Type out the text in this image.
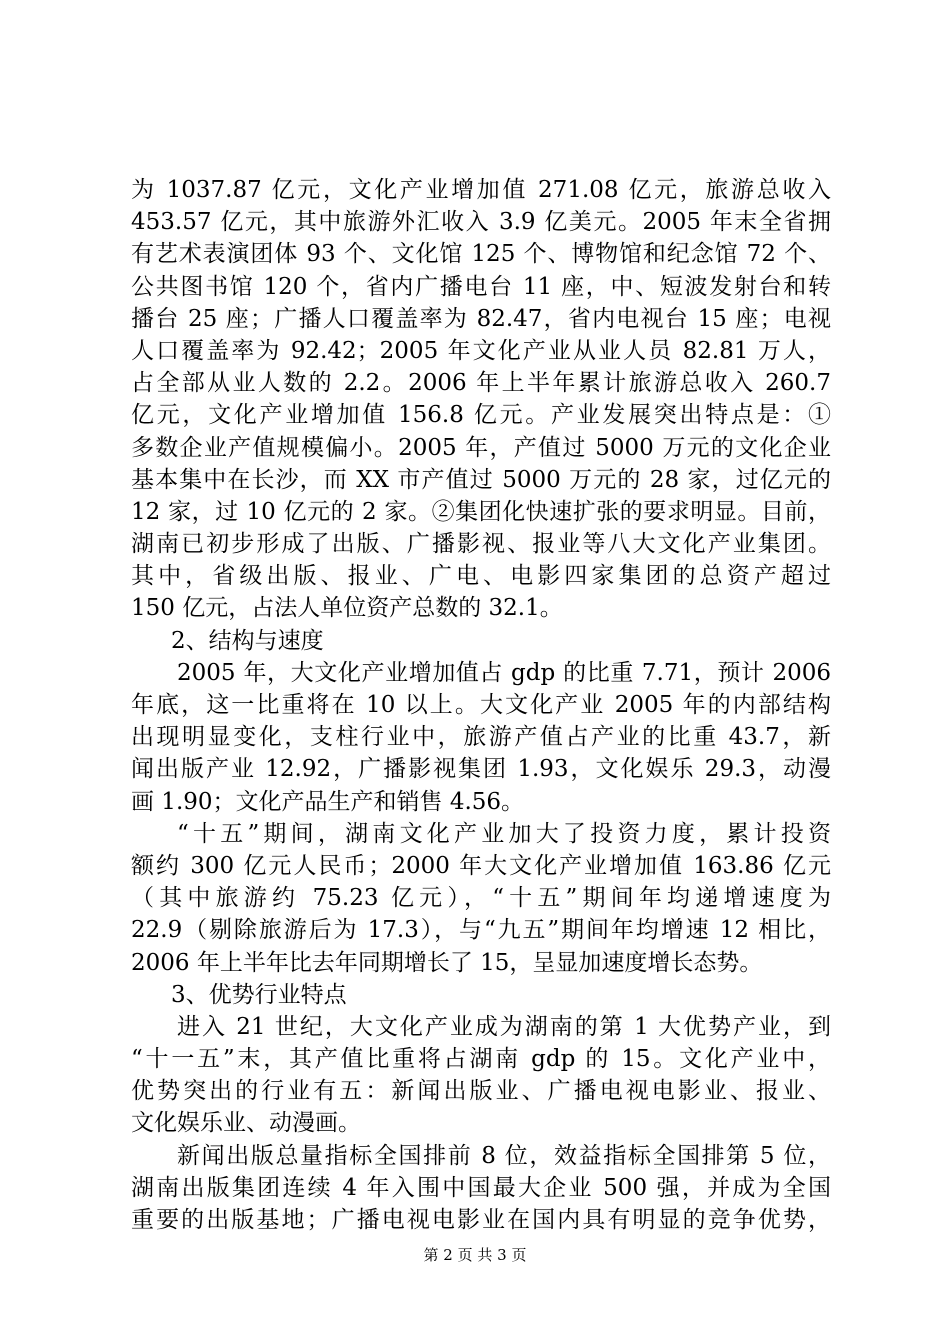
为 1037.87 亿元，文化产业增加值 271.08 亿元，旅游总收入
453.57 亿元，其中旅游外汇收入 3.9 亿美元。2005 年末全省拥
有艺术表演团体 93 个、文化馆 125 个、博物馆和纪念馆 72 个、
公共图书馆 120 个，省内广播电台 11 座，中、短波发射台和转
播台 25 座；广播人口覆盖率为 82.47，省内电视台 15 座；电视
人口覆盖率为 92.42；2005 年文化产业从业人员 82.81 万人，
占全部从业人数的 2.2。2006 年上半年累计旅游总收入 260.7
亿元，文化产业增加值 156.8 亿元。产业发展突出特点是：①
多数企业产值规模偏小。2005 年，产值过 5000 万元的文化企业
基本集中在长沙，而 XX 市产值过 5000 万元的 28 家，过亿元的
12 家，过 10 亿元的 2 家。②集团化快速扩张的要求明显。目前，
湖南已初步形成了出版、广播影视、报业等八大文化产业集团。
其中，省级出版、报业、广电、电影四家集团的总资产超过
150 亿元，占法人单位资产总数的 32.1。
2、结构与速度
2005 年，大文化产业增加值占 gdp 的比重 7.71，预计 2006
年底，这一比重将在 10 以上。大文化产业 2005 年的内部结构
出现明显变化，支柱行业中，旅游产值占产业的比重 43.7，新
闻出版产业 12.92，广播影视集团 1.93，文化娱乐 29.3，动漫
画 1.90；文化产品生产和销售 4.56。
“十五”期间，湖南文化产业加大了投资力度，累计投资
额约 300 亿元人民币；2000 年大文化产业增加值 163.86 亿元
（其中旅游约 75.23 亿元），“十五”期间年均递增速度为
22.9（剔除旅游后为 17.3），与“九五”期间年均增速 12 相比，
2006 年上半年比去年同期增长了 15，呈显加速度增长态势。
3、优势行业特点
进入 21 世纪，大文化产业成为湖南的第 1 大优势产业，到
“十一五”末，其产值比重将占湖南 gdp 的 15。文化产业中，
优势突出的行业有五：新闻出版业、广播电视电影业、报业、
文化娱乐业、动漫画。
新闻出版总量指标全国排前 8 位，效益指标全国排第 5 位，
湖南出版集团连续 4 年入围中国最大企业 500 强，并成为全国
重要的出版基地；广播电视电影业在国内具有明显的竞争优势，
第 2 页 共 3 页
